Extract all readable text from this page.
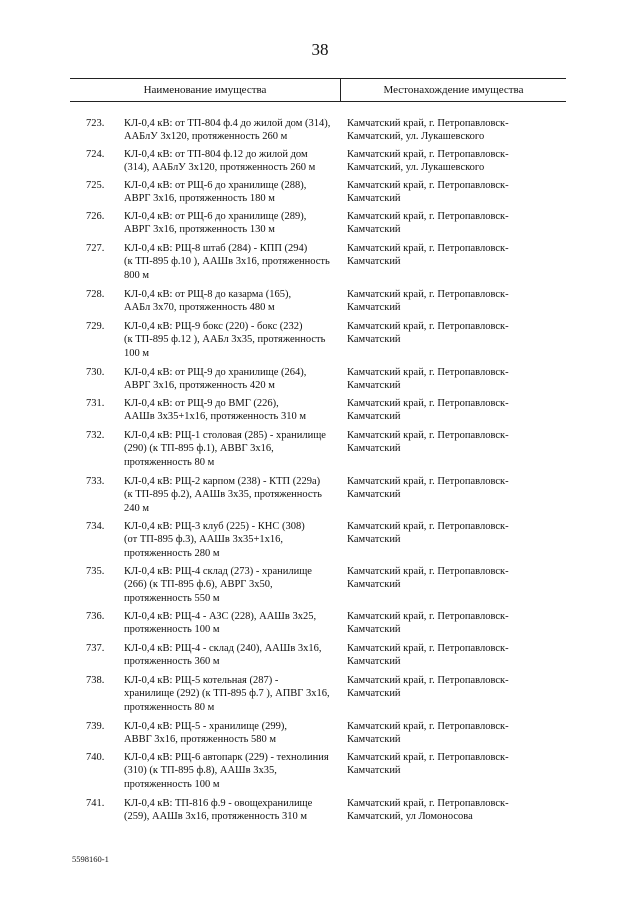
38
Наименование имущества	Местонахождение имущества
723.	КЛ-0,4 кВ: от ТП-804 ф.4 до жилой дом (314),
ААБлУ 3х120, протяженность 260 м
Камчатский край, г. Петропавловск-
Камчатский, ул. Лукашевского
724.	КЛ-0,4 кВ: от ТП-804 ф.12 до жилой дом
(314), ААБлУ 3х120, протяженность 260 м
Камчатский край, г. Петропавловск-
Камчатский, ул. Лукашевского
725.	КЛ-0,4 кВ: от РЩ-6 до хранилище (288),
АВРГ 3х16, протяженность 180 м
Камчатский край, г. Петропавловск-
Камчатский
726.	КЛ-0,4 кВ: от РЩ-6 до хранилище (289),
АВРГ 3х16, протяженность 130 м
Камчатский край, г. Петропавловск-
Камчатский
727.	КЛ-0,4 кВ: РЩ-8 штаб (284) - КПП (294)
(к ТП-895 ф.10 ), ААШв 3х16, протяженность
800 м
Камчатский край, г. Петропавловск-
Камчатский
728.	КЛ-0,4 кВ: от РЩ-8 до казарма (165),
ААБл 3х70, протяженность 480 м
Камчатский край, г. Петропавловск-
Камчатский
729.	КЛ-0,4 кВ: РЩ-9 бокс (220) - бокс (232)
(к ТП-895 ф.12 ), ААБл 3х35, протяженность
100 м
Камчатский край, г. Петропавловск-
Камчатский
730.	КЛ-0,4 кВ: от РЩ-9 до хранилище (264),
АВРГ 3х16, протяженность 420 м
Камчатский край, г. Петропавловск-
Камчатский
731.	КЛ-0,4 кВ: от РЩ-9 до ВМГ (226),
ААШв 3х35+1х16, протяженность 310 м
Камчатский край, г. Петропавловск-
Камчатский
732.	КЛ-0,4 кВ: РЩ-1 столовая (285) - хранилище
(290) (к ТП-895 ф.1), АВВГ 3х16,
протяженность 80 м
Камчатский край, г. Петропавловск-
Камчатский
733.	КЛ-0,4 кВ: РЩ-2 карпом (238) - КТП (229а)
(к ТП-895 ф.2), ААШв 3х35, протяженность
240 м
Камчатский край, г. Петропавловск-
Камчатский
734.	КЛ-0,4 кВ: РЩ-3 клуб (225) - КНС (308)
(от ТП-895 ф.3), ААШв 3х35+1х16,
протяженность 280 м
Камчатский край, г. Петропавловск-
Камчатский
735.	КЛ-0,4 кВ: РЩ-4 склад (273) - хранилище
(266) (к ТП-895 ф.6), АВРГ 3х50,
протяженность 550 м
Камчатский край, г. Петропавловск-
Камчатский
736.	КЛ-0,4 кВ: РЩ-4 - АЗС (228), ААШв 3х25,
протяженность 100 м
Камчатский край, г. Петропавловск-
Камчатский
737.	КЛ-0,4 кВ: РЩ-4 - склад (240), ААШв 3х16,
протяженность 360 м
Камчатский край, г. Петропавловск-
Камчатский
738.	КЛ-0,4 кВ: РЩ-5 котельная (287) -
хранилище (292) (к ТП-895 ф.7 ), АПВГ 3х16,
протяженность 80 м
Камчатский край, г. Петропавловск-
Камчатский
739.	КЛ-0,4 кВ: РЩ-5 - хранилище (299),
АВВГ 3х16, протяженность 580 м
Камчатский край, г. Петропавловск-
Камчатский
740.	КЛ-0,4 кВ: РЩ-6 автопарк (229) - технолиния
(310) (к ТП-895 ф.8), ААШв 3х35,
протяженность 100 м
Камчатский край, г. Петропавловск-
Камчатский
741.	КЛ-0,4 кВ: ТП-816 ф.9 - овощехранилище
(259), ААШв 3х16, протяженность 310 м
Камчатский край, г. Петропавловск-
Камчатский, ул Ломоносова
5598160-1
